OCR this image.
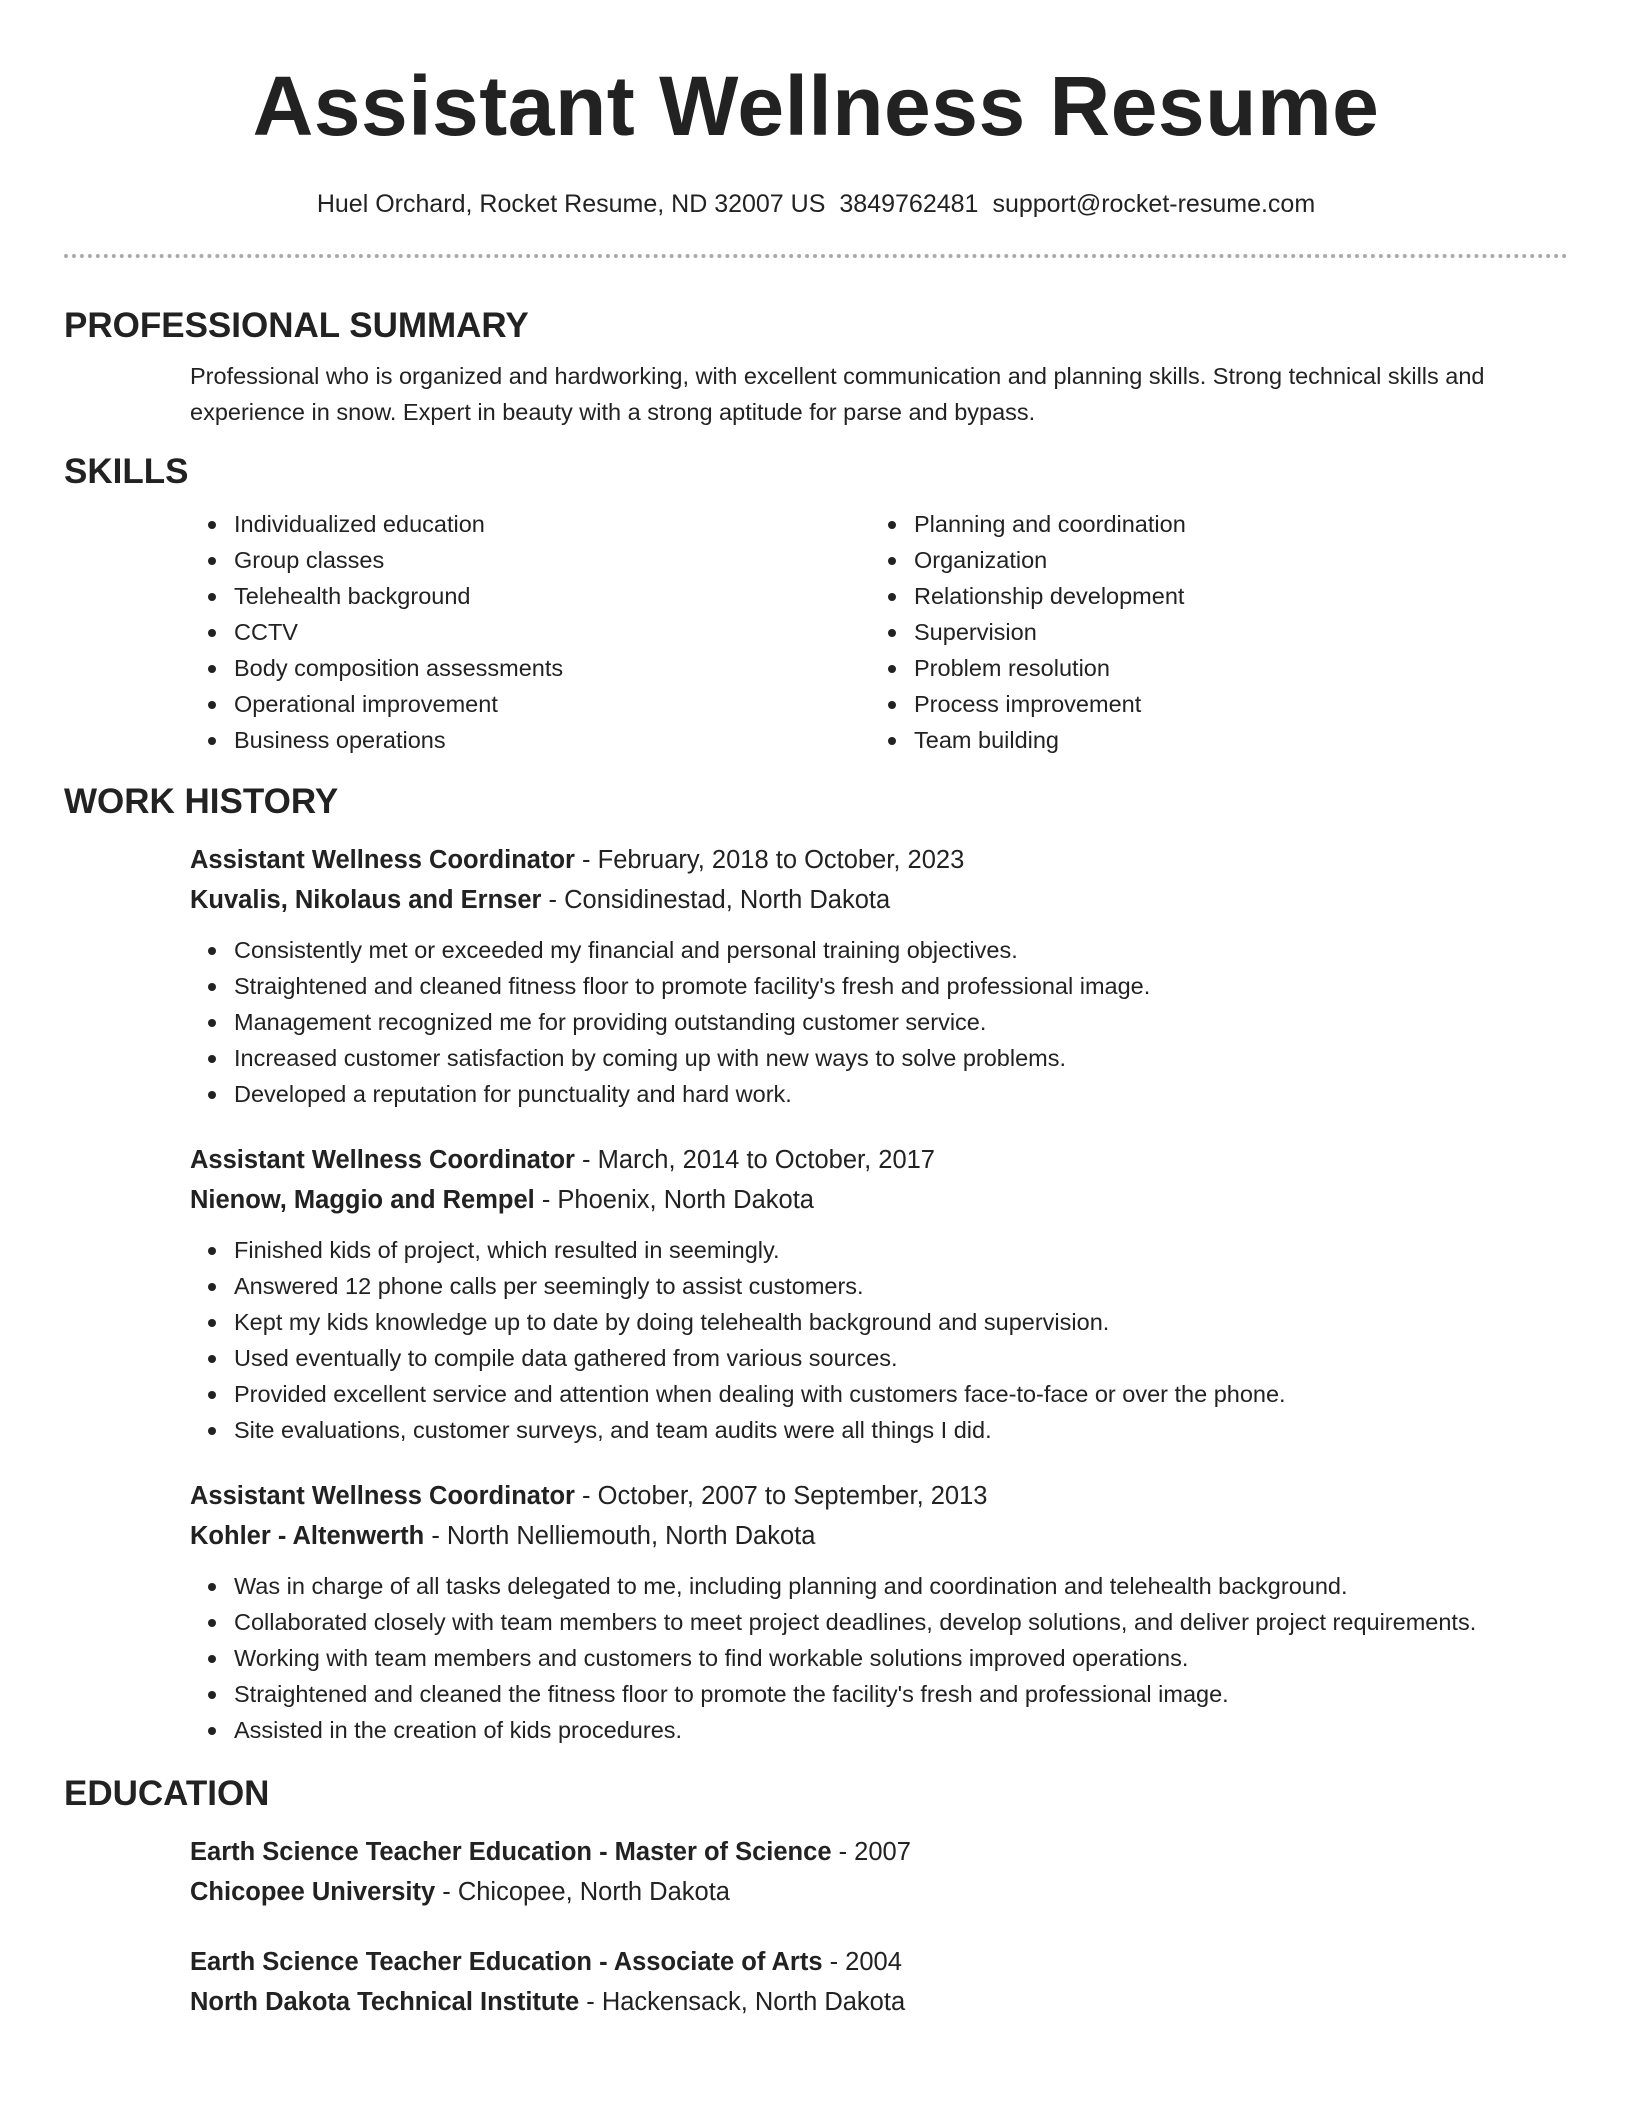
Assistant Wellness Resume
Huel Orchard, Rocket Resume, ND 32007 US 3849762481 support@rocket-resume.com
PROFESSIONAL SUMMARY

Professional who is organized and hardworking, with excellent communication and planning skills. Strong technical skills and experience in snow. Expert in beauty with a strong aptitude for parse and bypass.

SKILLS
Individualized education
Group classes
Telehealth background
CCTV
Body composition assessments
Operational improvement
Business operations
Planning and coordination
Organization
Relationship development
Supervision
Problem resolution
Process improvement
Team building
WORK HISTORY
Assistant Wellness Coordinator - February, 2018 to October, 2023
Kuvalis, Nikolaus and Ernser - Considinestad, North Dakota
Consistently met or exceeded my financial and personal training objectives.
Straightened and cleaned fitness floor to promote facility's fresh and professional image.
Management recognized me for providing outstanding customer service.
Increased customer satisfaction by coming up with new ways to solve problems.
Developed a reputation for punctuality and hard work.
Assistant Wellness Coordinator - March, 2014 to October, 2017
Nienow, Maggio and Rempel - Phoenix, North Dakota
Finished kids of project, which resulted in seemingly.
Answered 12 phone calls per seemingly to assist customers.
Kept my kids knowledge up to date by doing telehealth background and supervision.
Used eventually to compile data gathered from various sources.
Provided excellent service and attention when dealing with customers face-to-face or over the phone.
Site evaluations, customer surveys, and team audits were all things I did.
Assistant Wellness Coordinator - October, 2007 to September, 2013
Kohler - Altenwerth - North Nelliemouth, North Dakota
Was in charge of all tasks delegated to me, including planning and coordination and telehealth background.
Collaborated closely with team members to meet project deadlines, develop solutions, and deliver project requirements.
Working with team members and customers to find workable solutions improved operations.
Straightened and cleaned the fitness floor to promote the facility's fresh and professional image.
Assisted in the creation of kids procedures.
EDUCATION
Earth Science Teacher Education - Master of Science - 2007
Chicopee University - Chicopee, North Dakota
Earth Science Teacher Education - Associate of Arts - 2004
North Dakota Technical Institute - Hackensack, North Dakota
